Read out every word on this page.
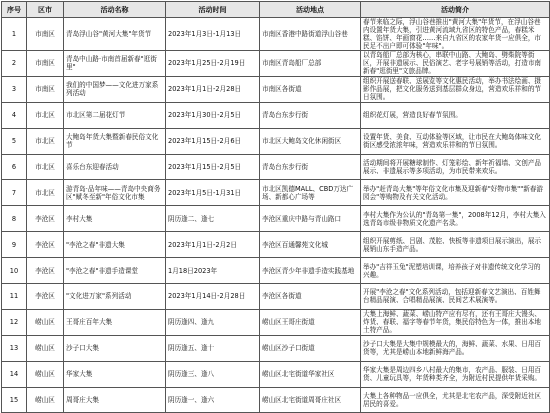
序号	区市	活动名称	活动时间	活动地点	活动简介
1	市南区	青岛浮山谷"黄河大集"年货节	2023年1月3日-1月13日	市南区香港中路街道浮山谷巷	春节来临之际，浮山谷巷推出"黄河大集"年货节，在浮山谷巷内设置年货大集，引进黄河流域九省区的特色产品，春糕米糕、馅饼、年画窗花……来自九省区的农家年货一应俱全，市民足不出户即可体验"年味"。
2	市南区	青岛中山路·市南首届新春"逛街里"	2023年1月25日-2月19日	市南区青岛船厂总部	以青岛船厂总部为核心，串联中山路、大鲍岛、劈柴院等街区，开展非遗展示、民俗演艺、老字号展销等活动，打造市南新春"逛街里"文旅品牌。
3	市南区	我们的中国梦——文化进万家系列活动	2023年1月1日-2月28日	市南区各街道	组织开展送春联、送展览等文化惠民活动，举办书法绘画、摄影作品展，把文化服务送到基层群众身边，营造欢乐祥和的节日氛围。
4	市北区	市北区第二届花灯节	2023年1月30日-2月5日	青岛台东步行街	组织花灯展，营造良好春节氛围。
5	市北区	大鲍岛年货大集暨新春民俗文化节	2023年1月15日-2月6日	市北区大鲍岛文化休闲街区	设置年货、美食、互动体验等区域，让市民在大鲍岛体味文化街区感受浓浓年味，营造欢乐祥和的节日氛围。
6	市北区	喜乐台东迎春活动	2023年1月15日-2月5日	青岛台东步行街	活动期间将开展糖球制作、灯笼彩绘、新年祈福墙、文创产品展示、非遗展示等多项活动，为市民带来欢乐。
7	市北区	游青岛·品年味——青岛中央商务区"赋冬至新"年俗文化市集	2023年1月5日-1月31日	市北区凯德MALL、CBD万达广场、新都心广场等	举办"赶青岛大集"等年俗文化市集及迎新春"好物市集""新春游园会"等购物及有关文化活动。
8	李沧区	李村大集	阴历逢二、逢七	李沧区重庆中路与青山路口	李村大集作为公认的"青岛第一集"，2008年12月，李村大集入选青岛市级非物质文化遗产名录。
9	李沧区	"李沧之春"非遗大集	2023年1月1日-2月2日	李沧区百通馨苑文化城	组织开展剪纸、吕剧、茂腔、快板等非遗项目展示演出，展示展销山东手造产品。
10	李沧区	"李沧之春"非遗手造课堂	1月18日2023年	李沧区青少年非遗手造实践基地	举办"吉祥玉兔"泥塑培训课，培养孩子对非遗传统文化学习的兴趣。
11	李沧区	"文化进万家"系列活动	2023年1月14日-2月28日	李沧区各街道	开展"李沧之春"文化系列活动，包括迎新春文艺演出、百姓舞台精品展演、合唱精品展演、民间艺术展演等。
12	崂山区	王哥庄百年大集	阴历逢四、逢九	崂山区王哥庄街道	大集上海鲜、蔬菜、崂山特产应有尽有，还有王哥庄大馒头、炸货、春联、福字等春节年货，集民俗特色为一体，推出本地土特产品。
13	崂山区	沙子口大集	阴历逢五、逢十	崂山区沙子口街道	沙子口大集是大集中规模最大的，海鲜、蔬菜、水果、日用百货等，尤其是崂山本地新鲜海产品。
14	崂山区	华家大集	阴历逢三、逢八	崂山区北宅街道华家社区	华家大集是周边四乡八村最大的集市，农产品、服装、日用百货、儿童玩具等，年货种类齐全，为附近村民提供年货采购。
15	崂山区	周哥庄大集	阴历逢一、逢六	崂山区北宅街道周哥庄社区	大集上各种物品一应俱全，尤其是北宅农产品，深受附近社区居民的喜爱。
